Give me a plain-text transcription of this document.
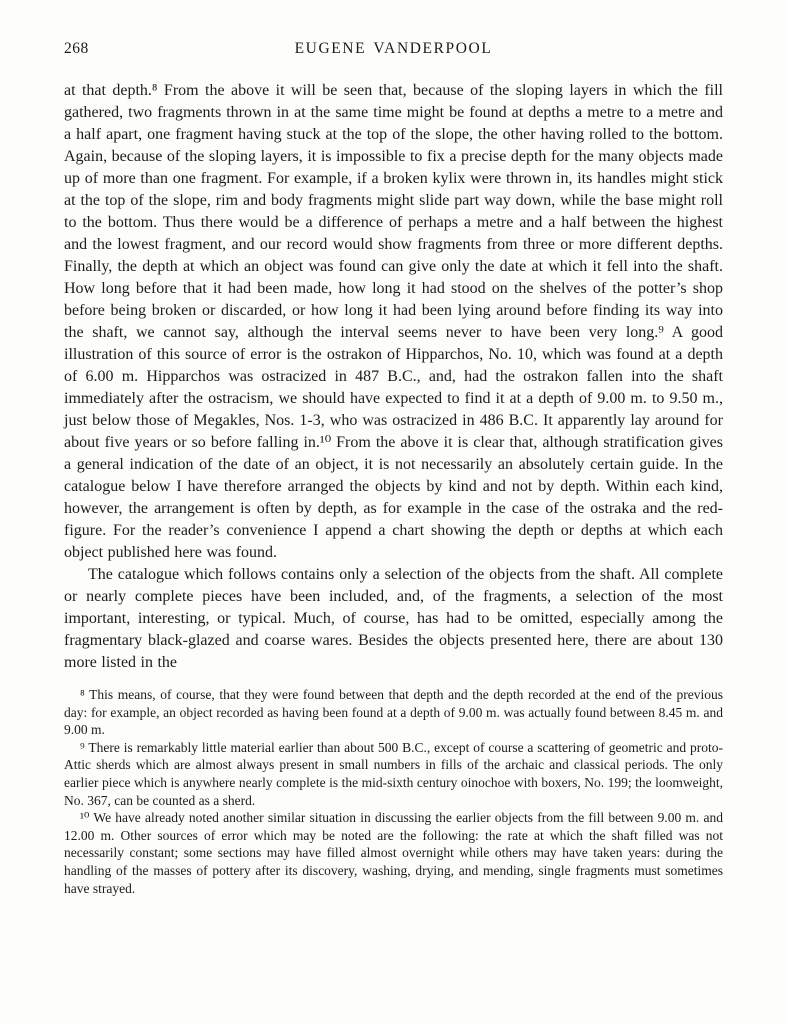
268	EUGENE VANDERPOOL

at that depth.⁸ From the above it will be seen that, because of the sloping layers in which the fill gathered, two fragments thrown in at the same time might be found at depths a metre to a metre and a half apart, one fragment having stuck at the top of the slope, the other having rolled to the bottom. Again, because of the sloping layers, it is impossible to fix a precise depth for the many objects made up of more than one fragment. For example, if a broken kylix were thrown in, its handles might stick at the top of the slope, rim and body fragments might slide part way down, while the base might roll to the bottom. Thus there would be a difference of perhaps a metre and a half between the highest and the lowest fragment, and our record would show fragments from three or more different depths. Finally, the depth at which an object was found can give only the date at which it fell into the shaft. How long before that it had been made, how long it had stood on the shelves of the potter’s shop before being broken or discarded, or how long it had been lying around before finding its way into the shaft, we cannot say, although the interval seems never to have been very long.⁹ A good illustration of this source of error is the ostrakon of Hipparchos, No. 10, which was found at a depth of 6.00 m. Hipparchos was ostracized in 487 B.C., and, had the ostrakon fallen into the shaft immediately after the ostracism, we should have expected to find it at a depth of 9.00 m. to 9.50 m., just below those of Megakles, Nos. 1-3, who was ostracized in 486 B.C. It apparently lay around for about five years or so before falling in.¹⁰ From the above it is clear that, although stratification gives a general indication of the date of an object, it is not necessarily an absolutely certain guide. In the catalogue below I have therefore arranged the objects by kind and not by depth. Within each kind, however, the arrangement is often by depth, as for example in the case of the ostraka and the red-figure. For the reader’s convenience I append a chart showing the depth or depths at which each object published here was found.

The catalogue which follows contains only a selection of the objects from the shaft. All complete or nearly complete pieces have been included, and, of the fragments, a selection of the most important, interesting, or typical. Much, of course, has had to be omitted, especially among the fragmentary black-glazed and coarse wares. Besides the objects presented here, there are about 130 more listed in the

⁸ This means, of course, that they were found between that depth and the depth recorded at the end of the previous day: for example, an object recorded as having been found at a depth of 9.00 m. was actually found between 8.45 m. and 9.00 m.

⁹ There is remarkably little material earlier than about 500 B.C., except of course a scattering of geometric and proto-Attic sherds which are almost always present in small numbers in fills of the archaic and classical periods. The only earlier piece which is anywhere nearly complete is the mid-sixth century oinochoe with boxers, No. 199; the loomweight, No. 367, can be counted as a sherd.

¹⁰ We have already noted another similar situation in discussing the earlier objects from the fill between 9.00 m. and 12.00 m. Other sources of error which may be noted are the following: the rate at which the shaft filled was not necessarily constant; some sections may have filled almost overnight while others may have taken years: during the handling of the masses of pottery after its discovery, washing, drying, and mending, single fragments must sometimes have strayed.
